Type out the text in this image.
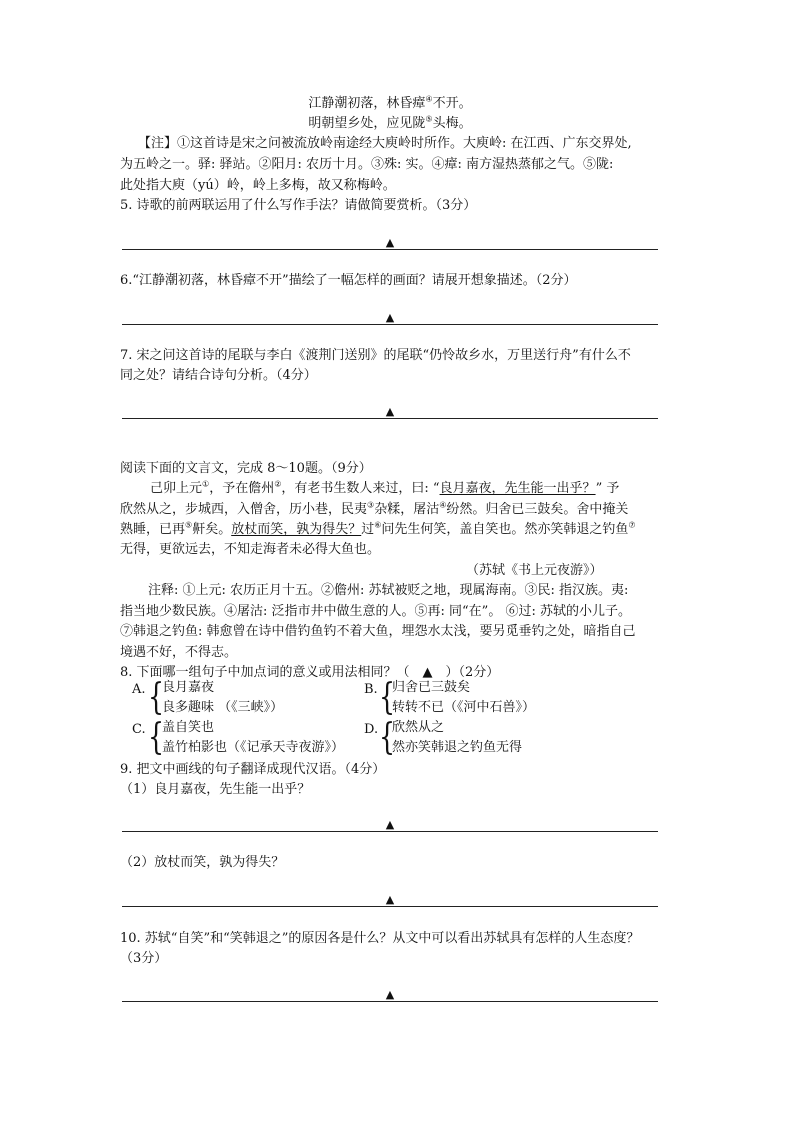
江静潮初落，林昏瘴④不开。
明朝望乡处，应见陇⑤头梅。
【注】①这首诗是宋之问被流放岭南途经大庾岭时所作。大庾岭: 在江西、广东交界处,
为五岭之一。驿: 驿站。②阳月: 农历十月。③殊: 实。④瘴: 南方湿热蒸郁之气。⑤陇:
此处指大庾（yú）岭，岭上多梅，故又称梅岭。
5. 诗歌的前两联运用了什么写作手法？请做简要赏析。（3分）
▲
6.“江静潮初落，林昏瘴不开”描绘了一幅怎样的画面？请展开想象描述。（2分）
▲
7. 宋之问这首诗的尾联与李白《渡荆门送别》的尾联“仍怜故乡水，万里送行舟”有什么不
同之处？请结合诗句分析。（4分）
▲
阅读下面的文言文，完成 8～10题。（9分）
己卯上元①，予在儋州②，有老书生数人来过，曰: “良月嘉夜，先生能一出乎？” 予
欣然从之，步城西，入僧舍，历小巷，民夷③杂糅，屠沽④纷然。归舍已三鼓矣。舍中掩关
熟睡，已再⑤鼾矣。放杖而笑，孰为得失？过⑥问先生何笑，盖自笑也。然亦笑韩退之钓鱼⑦
无得，更欲远去，不知走海者未必得大鱼也。
（苏轼《书上元夜游》）
注释: ①上元: 农历正月十五。②儋州: 苏轼被贬之地，现属海南。③民: 指汉族。夷:
指当地少数民族。④屠沽: 泛指市井中做生意的人。⑤再: 同“在”。 ⑥过: 苏轼的小儿子。
⑦韩退之钓鱼: 韩愈曾在诗中借钓鱼钓不着大鱼，埋怨水太浅，要另觅垂钓之处，暗指自己
境遇不好，不得志。
8. 下面哪一组句子中加点词的意义或用法相同？（　▲　）（2分）
A. {
良月嘉夜
良多趣味 （《三峡》）
B. {
归舍已三鼓矣
转转不已（《河中石兽》）
C. {
盖自笑也
盖竹柏影也（《记承天寺夜游》）
D. {
欣然从之
然亦笑韩退之钓鱼无得
9. 把文中画线的句子翻译成现代汉语。（4分）
（1）良月嘉夜，先生能一出乎？
▲
（2）放杖而笑，孰为得失？
▲
10. 苏轼“自笑”和“笑韩退之”的原因各是什么？从文中可以看出苏轼具有怎样的人生态度？
（3分）
▲
